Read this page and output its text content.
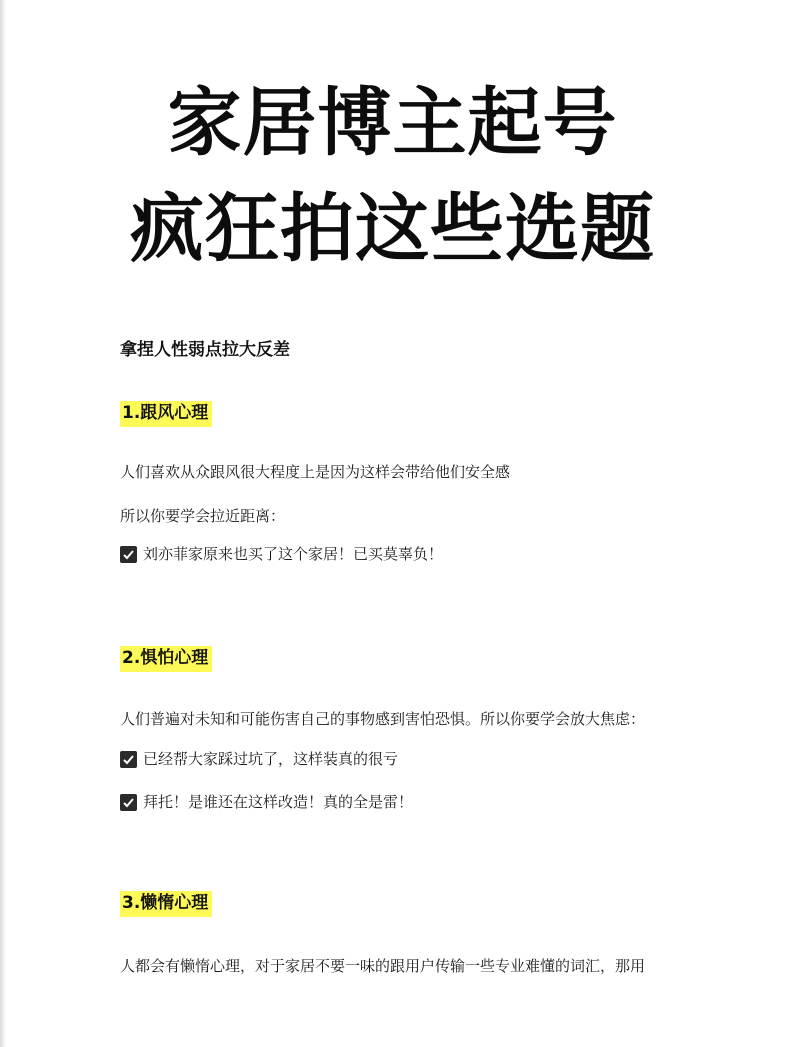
家居博主起号
疯狂拍这些选题
拿捏人性弱点拉大反差
1.跟风心理
人们喜欢从众跟风很大程度上是因为这样会带给他们安全感
所以你要学会拉近距离：
刘亦菲家原来也买了这个家居！已买莫辜负！
2.惧怕心理
人们普遍对未知和可能伤害自己的事物感到害怕恐惧。所以你要学会放大焦虑：
已经帮大家踩过坑了，这样装真的很亏
拜托！是谁还在这样改造！真的全是雷！
3.懒惰心理
人都会有懒惰心理，对于家居不要一味的跟用户传输一些专业难懂的词汇，那用
